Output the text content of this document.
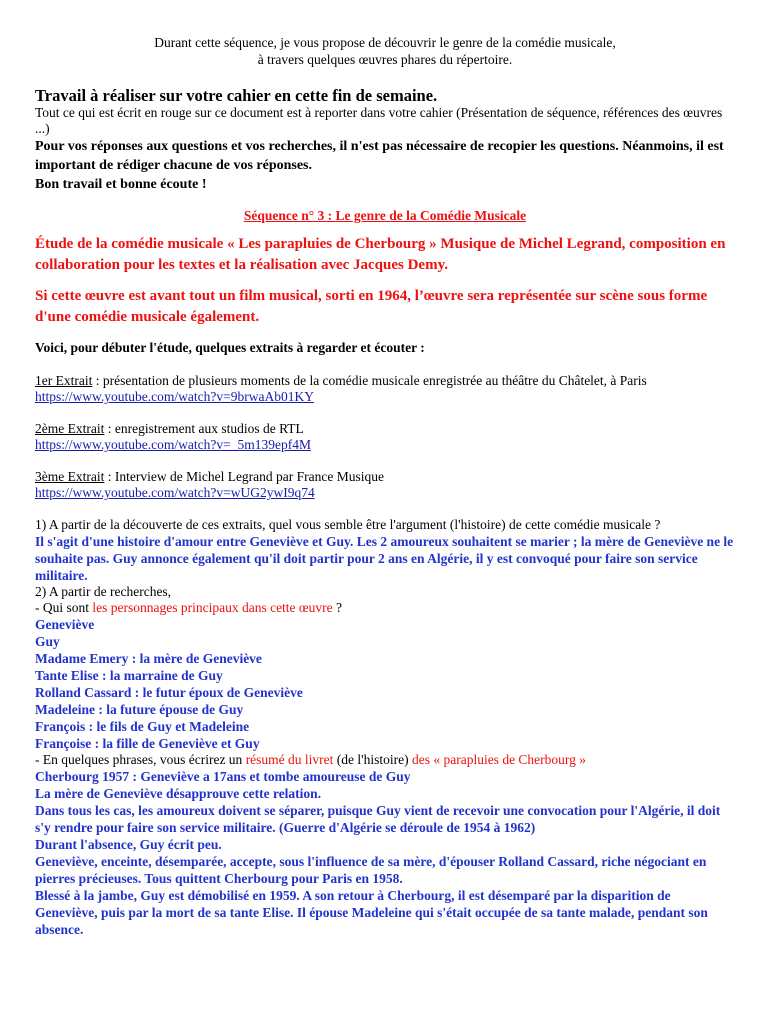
Durant cette séquence, je vous propose de découvrir le genre de la comédie musicale,
à travers quelques œuvres phares du répertoire.
Travail à réaliser sur votre cahier en cette fin de semaine.
Tout ce qui est écrit en rouge sur ce document est à reporter dans votre cahier (Présentation de séquence, références des œuvres ...)
Pour vos réponses aux questions et vos recherches, il n'est pas nécessaire de recopier les questions. Néanmoins, il est important de rédiger chacune de vos réponses.
Bon travail et bonne écoute !
Séquence n° 3 : Le genre de la Comédie Musicale
Étude de la comédie musicale « Les parapluies de Cherbourg » Musique de Michel Legrand, composition en collaboration pour les textes et la réalisation avec Jacques Demy.
Si cette œuvre est avant tout un film musical, sorti en 1964, l’œuvre sera représentée sur scène sous forme d'une comédie musicale également.
Voici, pour débuter l'étude, quelques extraits à regarder et écouter :
1er Extrait : présentation de plusieurs moments de la comédie musicale enregistrée au théâtre du Châtelet, à Paris
https://www.youtube.com/watch?v=9brwaAb01KY
2ème Extrait : enregistrement aux studios de RTL
https://www.youtube.com/watch?v=_5m139epf4M
3ème Extrait : Interview de Michel Legrand par France Musique
https://www.youtube.com/watch?v=wUG2ywI9q74
1) A partir de la découverte de ces extraits, quel vous semble être l'argument (l'histoire) de cette comédie musicale ?
Il s'agit d'une histoire d'amour entre Geneviève et Guy. Les 2 amoureux souhaitent se marier ; la mère de Geneviève ne le souhaite pas. Guy annonce également qu'il doit partir pour 2 ans en Algérie, il y est convoqué pour faire son service militaire.
2) A partir de recherches,
- Qui sont les personnages principaux dans cette œuvre ?
Geneviève
Guy
Madame Emery : la mère de Geneviève
Tante Elise : la marraine de Guy
Rolland Cassard : le futur époux de Geneviève
Madeleine : la future épouse de Guy
François : le fils de Guy et Madeleine
Françoise : la fille de Geneviève et Guy
- En quelques phrases, vous écrirez un résumé du livret (de l'histoire) des « parapluies de Cherbourg »
Cherbourg 1957 : Geneviève a 17ans et tombe amoureuse de Guy
La mère de Geneviève désapprouve cette relation.
Dans tous les cas, les amoureux doivent se séparer, puisque Guy vient de recevoir une convocation pour l'Algérie, il doit s'y rendre pour faire son service militaire. (Guerre d'Algérie se déroule de 1954 à 1962)
Durant l'absence, Guy écrit peu.
Geneviève, enceinte, désemparée, accepte, sous l'influence de sa mère, d'épouser Rolland Cassard, riche négociant en pierres précieuses. Tous quittent Cherbourg pour Paris en 1958.
Blessé à la jambe, Guy est démobilisé en 1959. A son retour à Cherbourg, il est désemparé par la disparition de Geneviève, puis par la mort de sa tante Elise. Il épouse Madeleine qui s'était occupée de sa tante malade, pendant son absence.
